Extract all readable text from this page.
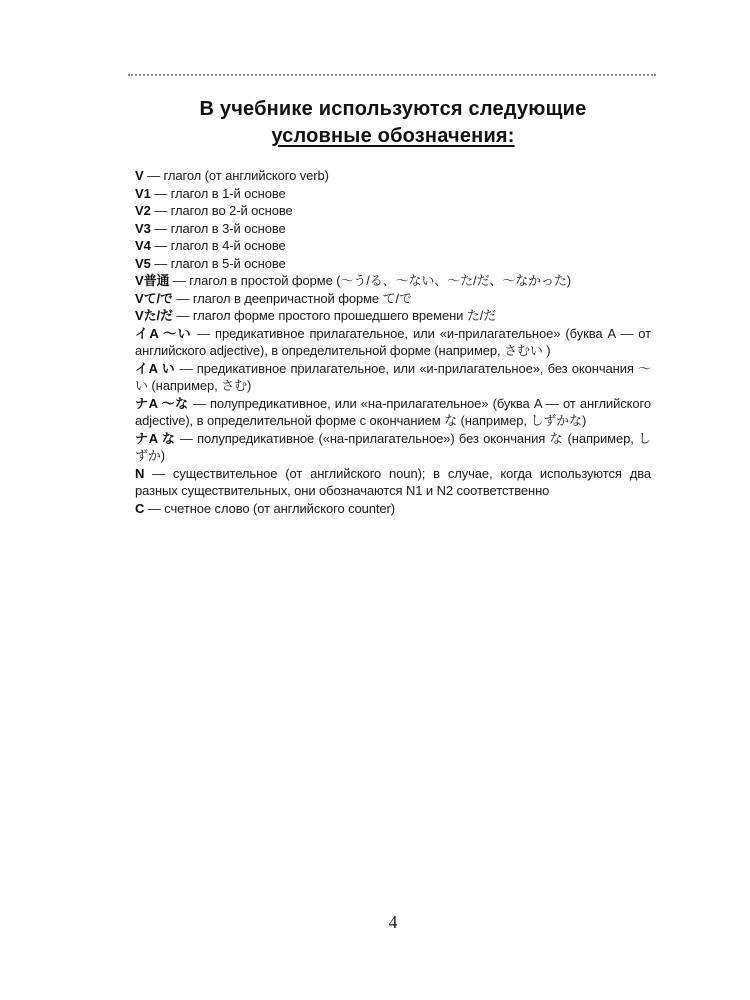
В учебнике используются следующие
условные обозначения:

V — глагол (от английского verb)

V1 — глагол в 1-й основе

V2 — глагол во 2-й основе

V3 — глагол в 3-й основе

V4 — глагол в 4-й основе

V5 — глагол в 5-й основе

V普通 — глагол в простой форме (〜う/る、〜ない、〜た/だ、〜なかった)

Vて/で — глагол в деепричастной форме て/で

Vた/だ — глагол форме простого прошедшего времени た/だ

イA 〜い — предикативное прилагательное, или «и-прилагательное» (буква A — от английского adjective), в определительной форме (например, さむい )

イA い — предикативное прилагательное, или «и-прилагательное», без окончания 〜い (например, さむ)

ナA 〜な — полупредикативное, или «на-прилагательное» (буква A — от английского adjective), в определительной форме с окончанием な (например, しずかな)

ナA な — полупредикативное («на-прилагательное») без окончания な (например, しずか)

N — существительное (от английского noun); в случае, когда используются два разных существительных, они обозначаются N1 и N2 соответственно

C — счетное слово (от английского counter)

4
